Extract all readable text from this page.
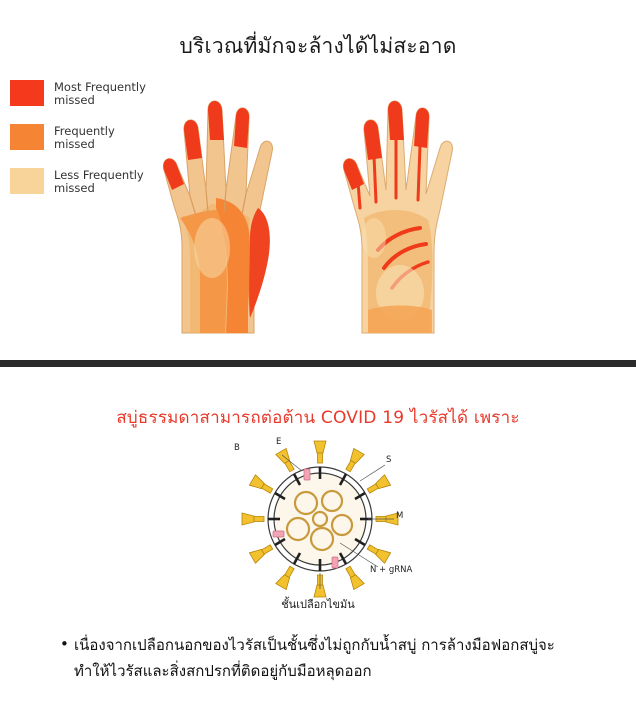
บริเวณที่มักจะล้างได้ไม่สะอาด
Most Frequently
missed
Frequently
missed
Less Frequently
missed
สบู่ธรรมดาสามารถต่อต้าน COVID 19 ไวรัสได้ เพราะ
B
E
S
M
N + gRNA
ชั้นเปลือกไขมัน
• เนื่องจากเปลือกนอกของไวรัสเป็นชั้นซึ่งไม่ถูกกับน้ำสบู่ การล้างมือฟอกสบู่จะทำให้ไวรัสและสิ่งสกปรกที่ติดอยู่กับมือหลุดออก
